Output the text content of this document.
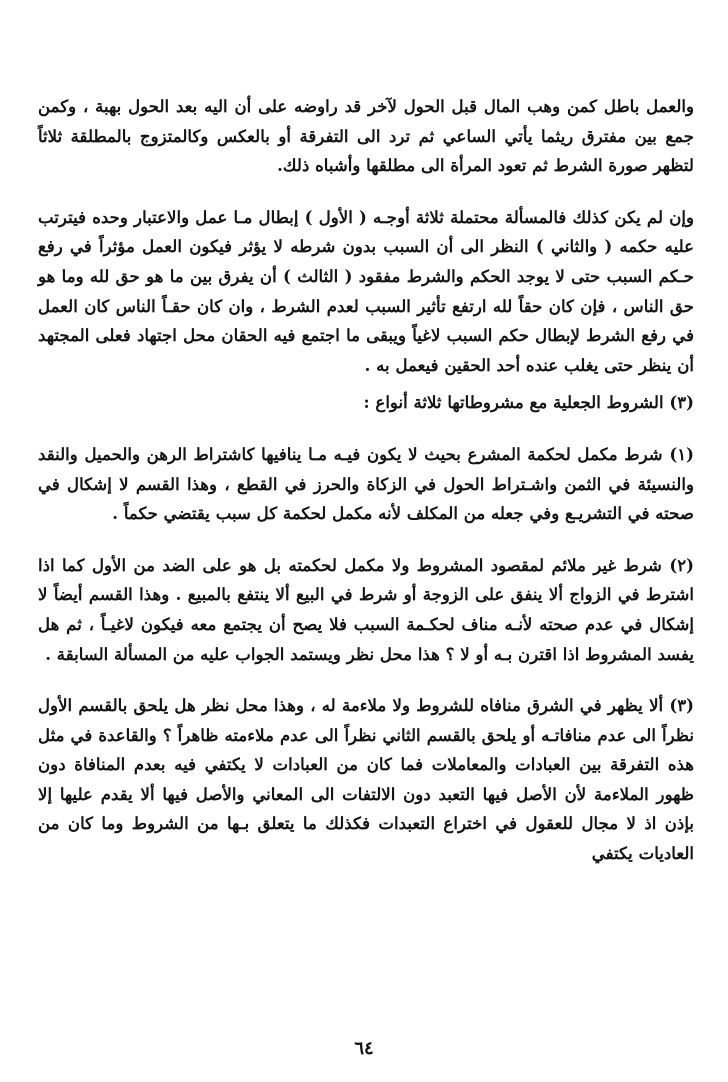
والعمل باطل كمن وهب المال قبل الحول لآخر قد راوضه على أن اليه بعد الحول بهبة ، وكمن جمع بين مفترق ريثما يأتي الساعي ثم ترد الى التفرقة أو بالعكس وكالمتزوج بالمطلقة ثلاثاً لتظهر صورة الشرط ثم تعود المرأة الى مطلقها وأشباه ذلك.

وإن لم يكن كذلك فالمسألة محتملة ثلاثة أوجـه ( الأول ) إبطال مـا عمل والاعتبار وحده فيترتب عليه حكمه ( والثاني ) النظر الى أن السبب بدون شرطه لا يؤثر فيكون العمل مؤثراً في رفع حـكم السبب حتى لا يوجد الحكم والشرط مفقود ( الثالث ) أن يفرق بين ما هو حق لله وما هو حق الناس ، فإن كان حقاً لله ارتفع تأثير السبب لعدم الشرط ، وان كان حقـاً الناس كان العمل في رفع الشرط لإبطال حكم السبب لاغياً ويبقى ما اجتمع فيه الحقان محل اجتهاد فعلى المجتهد أن ينظر حتى يغلب عنده أحد الحقين فيعمل به .

(٣) الشروط الجعلية مع مشروطاتها ثلاثة أنواع :

(١) شرط مكمل لحكمة المشرع بحيث لا يكون فيـه مـا ينافيها كاشتراط الرهن والحميل والنقد والنسيئة في الثمن واشـتراط الحول في الزكاة والحرز في القطع ، وهذا القسم لا إشكال في صحته في التشريـع وفي جعله من المكلف لأنه مكمل لحكمة كل سبب يقتضي حكماً .

(٢) شرط غير ملائم لمقصود المشروط ولا مكمل لحكمته بل هو على الضد من الأول كما اذا اشترط في الزواج ألا ينفق على الزوجة أو شرط في البيع ألا ينتفع بالمبيع . وهذا القسم أيضاً لا إشكال في عدم صحته لأنـه مناف لحكـمة السبب فلا يصح أن يجتمع معه فيكون لاغيـاً ، ثم هل يفسد المشروط اذا اقترن بـه أو لا ؟ هذا محل نظر ويستمد الجواب عليه من المسألة السابقة .

(٣) ألا يظهر في الشرق منافاه للشروط ولا ملاءمة له ، وهذا محل نظر هل يلحق بالقسم الأول نظراً الى عدم منافاتـه أو يلحق بالقسم الثاني نظراً الى عدم ملاءمته ظاهراً ؟ والقاعدة في مثل هذه التفرقة بين العبادات والمعاملات فما كان من العبادات لا يكتفي فيه بعدم المنافاة دون ظهور الملاءمة لأن الأصل فيها التعبد دون الالتفات الى المعاني والأصل فيها ألا يقدم عليها إلا بإذن اذ لا مجال للعقول في اختراع التعبدات فكذلك ما يتعلق بـها من الشروط وما كان من العاديات يكتفي

٦٤
